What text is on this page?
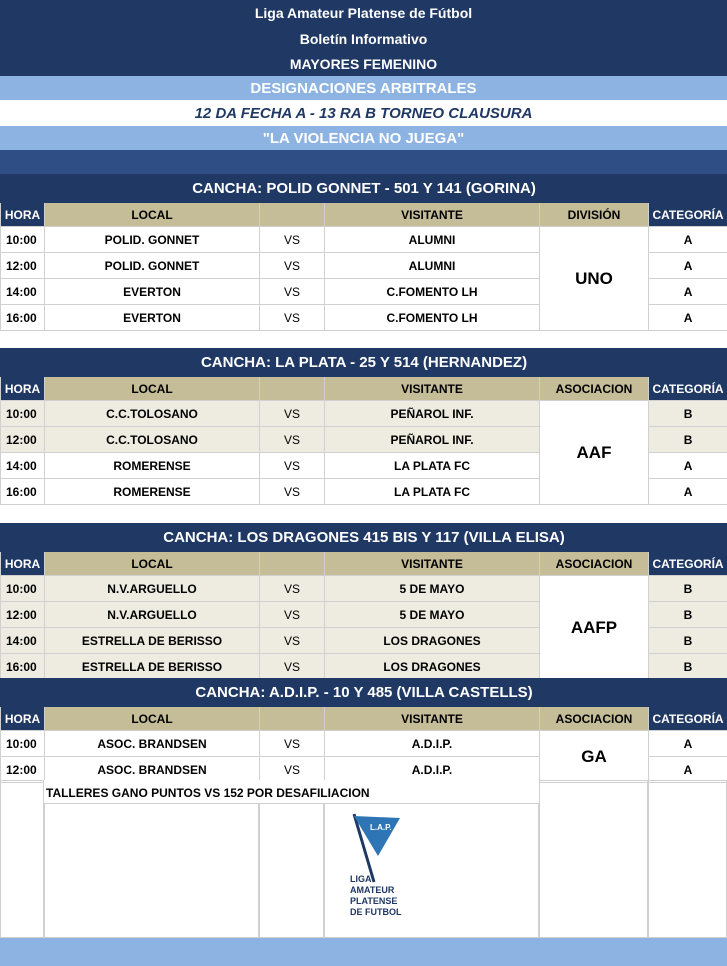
Liga Amateur Platense de Fútbol
Boletín Informativo
MAYORES FEMENINO
DESIGNACIONES ARBITRALES
12 DA FECHA A - 13 RA B TORNEO CLAUSURA
"LA VIOLENCIA NO JUEGA"
CANCHA: POLID GONNET - 501 Y 141 (GORINA)					
HORA	LOCAL		VISITANTE	DIVISIÓN	CATEGORÍA
10:00	POLID. GONNET	VS	ALUMNI	UNO	A
12:00	POLID. GONNET	VS	ALUMNI		A
14:00	EVERTON	VS	C.FOMENTO LH		A
16:00	EVERTON	VS	C.FOMENTO LH		A
CANCHA: LA PLATA - 25 Y 514 (HERNANDEZ)					
HORA	LOCAL		VISITANTE	ASOCIACION	CATEGORÍA
10:00	C.C.TOLOSANO	VS	PEÑAROL INF.	AAF	B
12:00	C.C.TOLOSANO	VS	PEÑAROL INF.		B
14:00	ROMERENSE	VS	LA PLATA FC		A
16:00	ROMERENSE	VS	LA PLATA FC		A
CANCHA: LOS DRAGONES 415 BIS Y 117 (VILLA ELISA)					
HORA	LOCAL		VISITANTE	ASOCIACION	CATEGORÍA
10:00	N.V.ARGUELLO	VS	5 DE MAYO	AAFP	B
12:00	N.V.ARGUELLO	VS	5 DE MAYO		B
14:00	ESTRELLA DE BERISSO	VS	LOS DRAGONES		B
16:00	ESTRELLA DE BERISSO	VS	LOS DRAGONES		B
CANCHA: A.D.I.P. - 10 Y 485 (VILLA CASTELLS)					
HORA	LOCAL		VISITANTE	ASOCIACION	CATEGORÍA
10:00	ASOC. BRANDSEN	VS	A.D.I.P.	GA	A
12:00	ASOC. BRANDSEN	VS	A.D.I.P.		A
TALLERES GANO PUNTOS VS 152 POR DESAFILIACION
L.A.P.
LIGA
AMATEUR
PLATENSE
DE FUTBOL
